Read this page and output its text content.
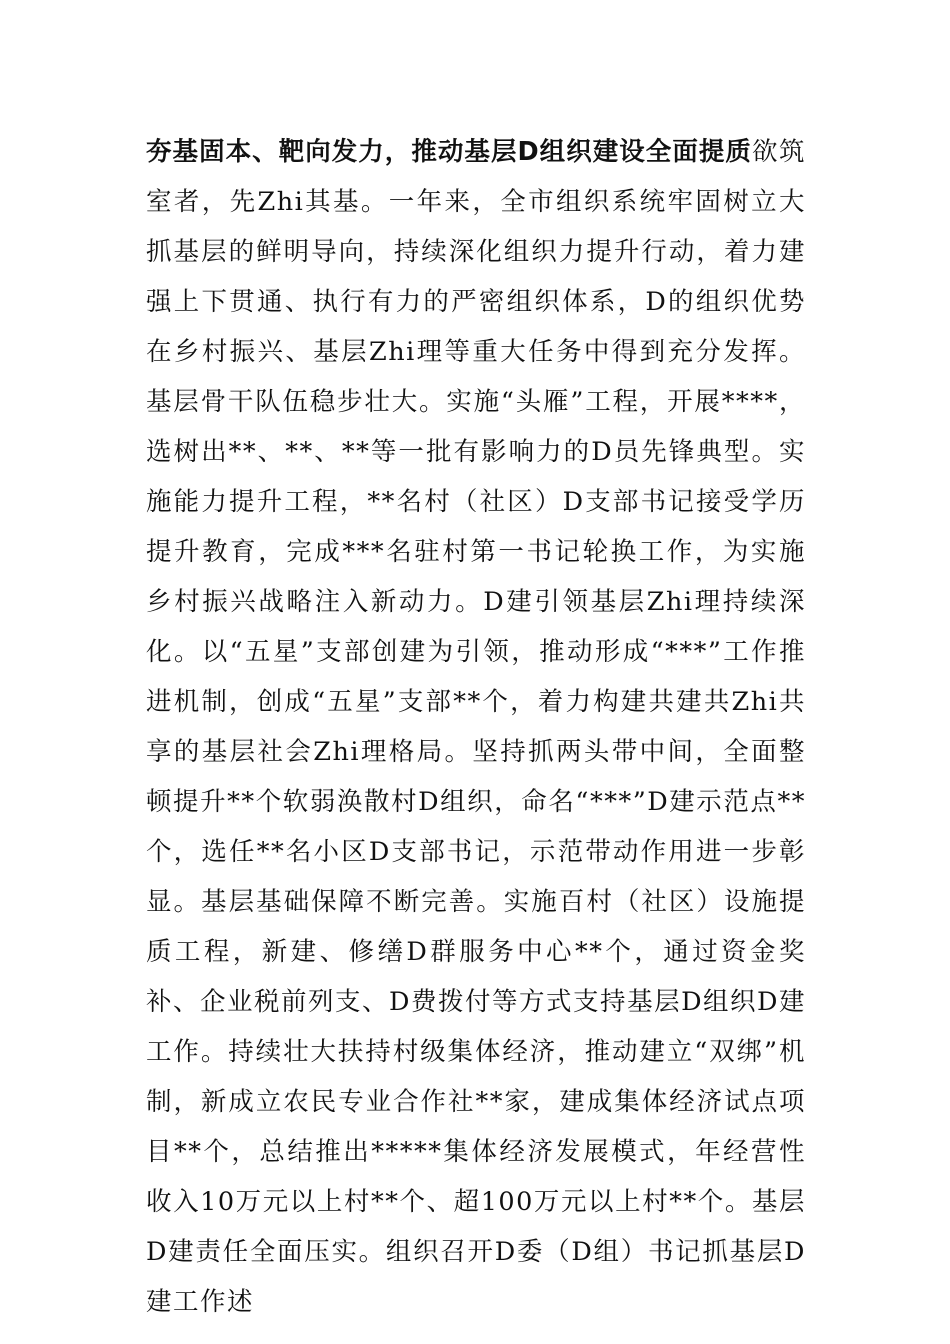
夯基固本、靶向发力，推动基层D组织建设全面提质欲筑室者，先Zhi其基。一年来，全市组织系统牢固树立大抓基层的鲜明导向，持续深化组织力提升行动，着力建强上下贯通、执行有力的严密组织体系，D的组织优势在乡村振兴、基层Zhi理等重大任务中得到充分发挥。基层骨干队伍稳步壮大。实施“头雁”工程，开展****，选树出**、**、**等一批有影响力的D员先锋典型。实施能力提升工程，**名村（社区）D支部书记接受学历提升教育，完成***名驻村第一书记轮换工作，为实施乡村振兴战略注入新动力。D建引领基层Zhi理持续深化。以“五星”支部创建为引领，推动形成“***”工作推进机制，创成“五星”支部**个，着力构建共建共Zhi共享的基层社会Zhi理格局。坚持抓两头带中间，全面整顿提升**个软弱涣散村D组织，命名“***”D建示范点**个，选任**名小区D支部书记，示范带动作用进一步彰显。基层基础保障不断完善。实施百村（社区）设施提质工程，新建、修缮D群服务中心**个，通过资金奖补、企业税前列支、D费拨付等方式支持基层D组织D建工作。持续壮大扶持村级集体经济，推动建立“双绑”机制，新成立农民专业合作社**家，建成集体经济试点项目**个，总结推出*****集体经济发展模式，年经营性收入10万元以上村**个、超100万元以上村**个。基层D建责任全面压实。组织召开D委（D组）书记抓基层D建工作述
